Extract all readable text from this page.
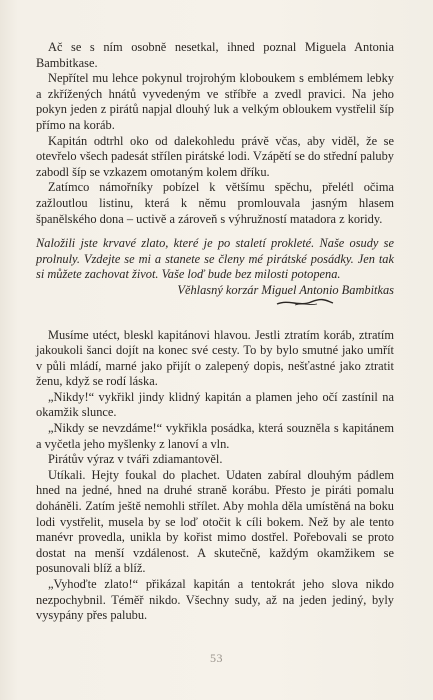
Ač se s ním osobně nesetkal, ihned poznal Miguela Antonia Bambitkase.

Nepřítel mu lehce pokynul trojrohým kloboukem s emblémem lebky a zkřížených hnátů vyvedeným ve stříbře a zvedl pravici. Na jeho pokyn jeden z pirátů napjal dlouhý luk a velkým obloukem vystřelil šíp přímo na koráb.

Kapitán odtrhl oko od dalekohledu právě včas, aby viděl, že se otevřelo všech padesát střílen pirátské lodi. Vzápětí se do střední paluby zabodl šíp se vzkazem omotaným kolem dříku.

Zatímco námořníky pobízel k většímu spěchu, přelétl očima zažloutlou listinu, která k němu promlouvala jasným hlasem španělského dona – uctivě a zároveň s výhružností matadora z koridy.

Naložili jste krvavé zlato, které je po staletí prokleté. Naše osudy se prolnuly. Vzdejte se mi a stanete se členy mé pirátské posádky. Jen tak si můžete zachovat život. Vaše loď bude bez milosti potopena.

Věhlasný korzár Miguel Antonio Bambitkas

Musíme utéct, bleskl kapitánovi hlavou. Jestli ztratím koráb, ztratím jakoukoli šanci dojít na konec své cesty. To by bylo smutné jako umřít v půli mládí, marné jako přijít o zalepený dopis, nešťastné jako ztratit ženu, když se rodí láska.

„Nikdy!“ vykřikl jindy klidný kapitán a plamen jeho očí zastínil na okamžik slunce.

„Nikdy se nevzdáme!“ vykřikla posádka, která souzněla s kapitánem a vyčetla jeho myšlenky z lanoví a vln.

Pirátův výraz v tváři zdiamantověl.

Utíkali. Hejty foukal do plachet. Udaten zabíral dlouhým pádlem hned na jedné, hned na druhé straně korábu. Přesto je piráti pomalu doháněli. Zatím ještě nemohli střílet. Aby mohla děla umístěná na boku lodi vystřelit, musela by se loď otočit k cíli bokem. Než by ale tento manévr provedla, unikla by kořist mimo dostřel. Pořebovali se proto dostat na menší vzdálenost. A skutečně, každým okamžikem se posunovali blíž a blíž.

„Vyhoďte zlato!“ přikázal kapitán a tentokrát jeho slova nikdo nezpochybnil. Téměř nikdo. Všechny sudy, až na jeden jediný, byly vysypány přes palubu.

53
